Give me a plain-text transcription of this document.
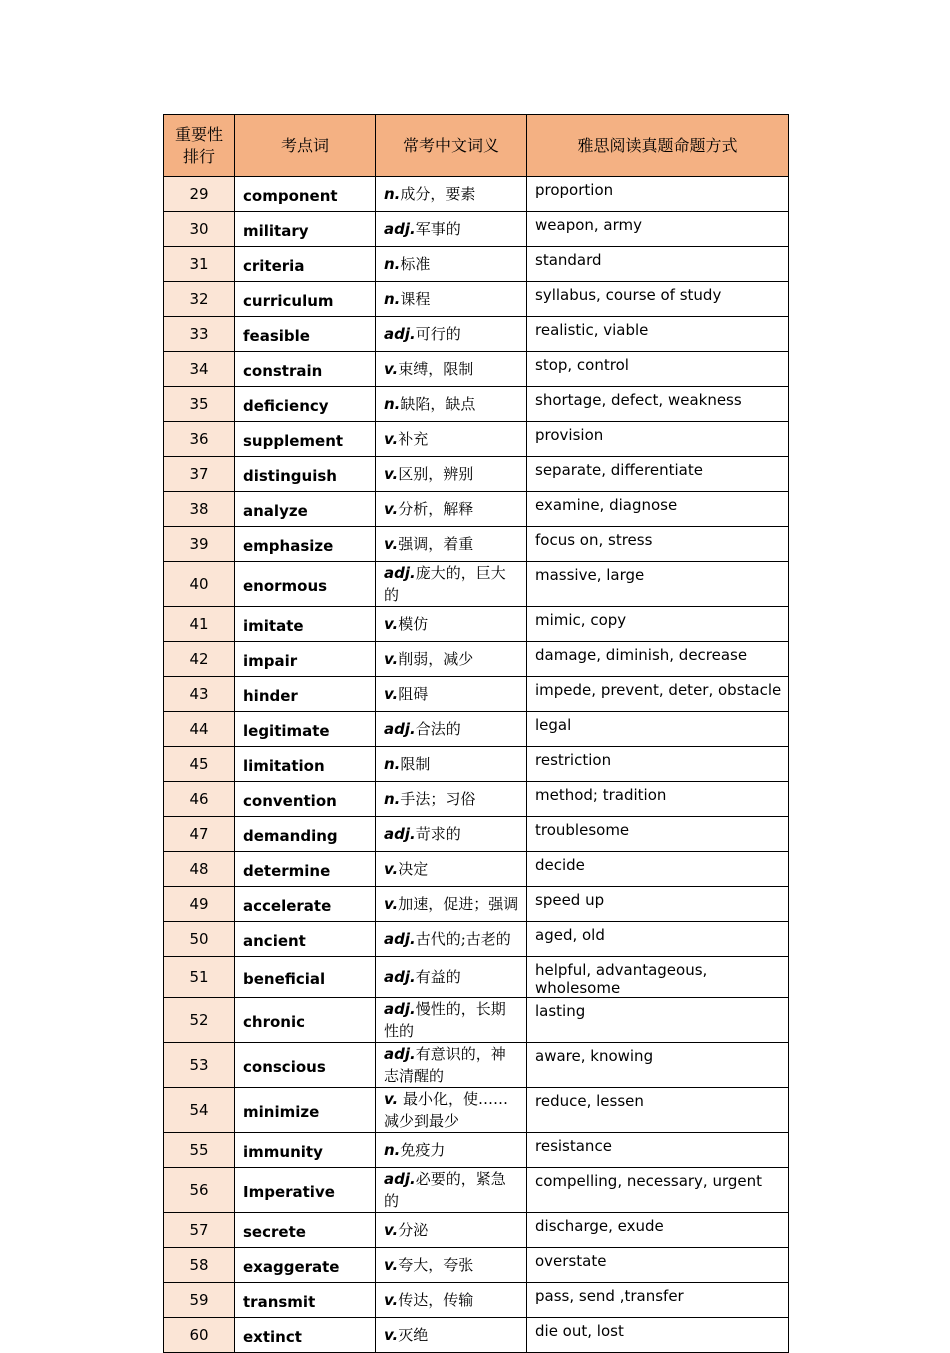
重要性排行	考点词	常考中文词义	雅思阅读真题命题方式
29	component	n.成分，要素	proportion
30	military	adj.军事的	weapon, army
31	criteria	n.标准	standard
32	curriculum	n.课程	syllabus, course of study
33	feasible	adj.可行的	realistic, viable
34	constrain	v.束缚，限制	stop, control
35	deficiency	n.缺陷，缺点	shortage, defect, weakness
36	supplement	v.补充	provision
37	distinguish	v.区别，辨别	separate, differentiate
38	analyze	v.分析，解释	examine, diagnose
39	emphasize	v.强调，着重	focus on, stress
40	enormous	adj.庞大的，巨大的	massive, large
41	imitate	v.模仿	mimic, copy
42	impair	v.削弱，减少	damage, diminish, decrease
43	hinder	v.阻碍	impede, prevent, deter, obstacle
44	legitimate	adj.合法的	legal
45	limitation	n.限制	restriction
46	convention	n.手法；习俗	method; tradition
47	demanding	adj.苛求的	troublesome
48	determine	v.决定	decide
49	accelerate	v.加速，促进；强调	speed up
50	ancient	adj.古代的;古老的	aged, old
51	beneficial	adj.有益的	helpful, advantageous, wholesome
52	chronic	adj.慢性的，长期性的	lasting
53	conscious	adj.有意识的，神志清醒的	aware, knowing
54	minimize	v. 最小化，使……减少到最少	reduce, lessen
55	immunity	n.免疫力	resistance
56	Imperative	adj.必要的，紧急的	compelling, necessary, urgent
57	secrete	v.分泌	discharge, exude
58	exaggerate	v.夸大，夸张	overstate
59	transmit	v.传达，传输	pass, send ,transfer
60	extinct	v.灭绝	die out, lost
